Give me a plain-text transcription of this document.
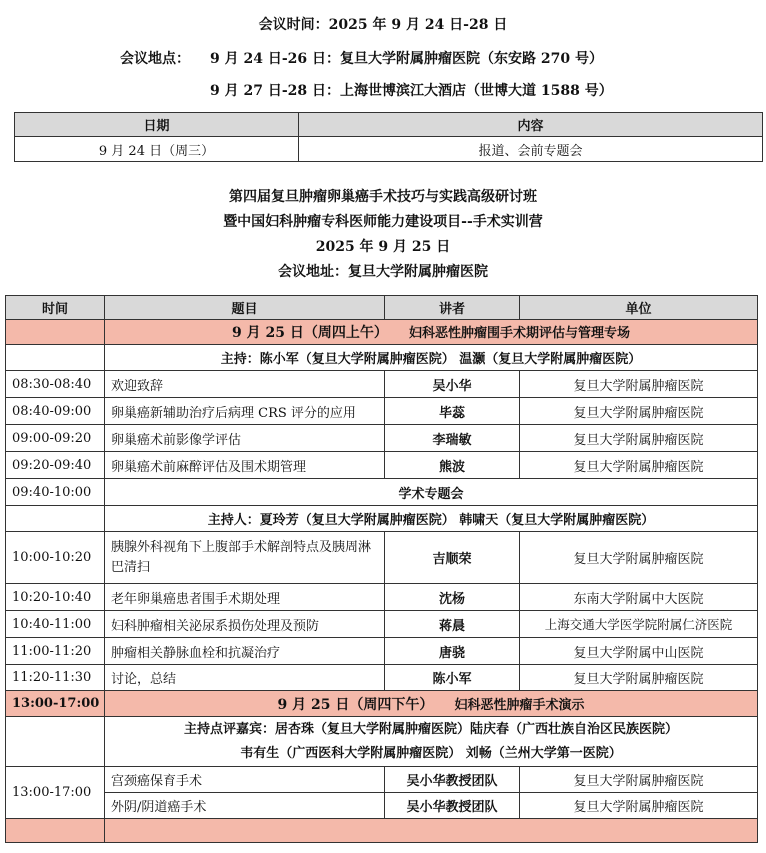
会议时间：2025 年 9 月 24 日-28 日
会议地点： 9 月 24 日-26 日：复旦大学附属肿瘤医院（东安路 270 号）
9 月 27 日-28 日：上海世博滨江大酒店（世博大道 1588 号）
日期	内容
9 月 24 日（周三）	报道、会前专题会
第四届复旦肿瘤卵巢癌手术技巧与实践高级研讨班
暨中国妇科肿瘤专科医师能力建设项目--手术实训营
2025 年 9 月 25 日
会议地址：复旦大学附属肿瘤医院
时间	题目	讲者	单位
	9 月 25 日（周四上午） 妇科恶性肿瘤围手术期评估与管理专场		
	主持：陈小军（复旦大学附属肿瘤医院） 温灏（复旦大学附属肿瘤医院）		
08:30-08:40	欢迎致辞	吴小华	复旦大学附属肿瘤医院
08:40-09:00	卵巢癌新辅助治疗后病理 CRS 评分的应用	毕蕊	复旦大学附属肿瘤医院
09:00-09:20	卵巢癌术前影像学评估	李瑞敏	复旦大学附属肿瘤医院
09:20-09:40	卵巢癌术前麻醉评估及围术期管理	熊波	复旦大学附属肿瘤医院
09:40-10:00	学术专题会		
	主持人：夏玲芳（复旦大学附属肿瘤医院） 韩啸天（复旦大学附属肿瘤医院）		
10:00-10:20	胰腺外科视角下上腹部手术解剖特点及胰周淋巴清扫	吉顺荣	复旦大学附属肿瘤医院
10:20-10:40	老年卵巢癌患者围手术期处理	沈杨	东南大学附属中大医院
10:40-11:00	妇科肿瘤相关泌尿系损伤处理及预防	蒋晨	上海交通大学医学院附属仁济医院
11:00-11:20	肿瘤相关静脉血栓和抗凝治疗	唐骁	复旦大学附属中山医院
11:20-11:30	讨论，总结	陈小军	复旦大学附属肿瘤医院
13:00-17:00	9 月 25 日（周四下午） 妇科恶性肿瘤手术演示		

	主持点评嘉宾：居杏珠（复旦大学附属肿瘤医院）陆庆春（广西壮族自治区民族医院）
韦有生（广西医科大学附属肿瘤医院） 刘畅（兰州大学第一医院）		

13:00-17:00	宫颈癌保育手术	吴小华教授团队	复旦大学附属肿瘤医院
	外阴/阴道癌手术	吴小华教授团队	复旦大学附属肿瘤医院
